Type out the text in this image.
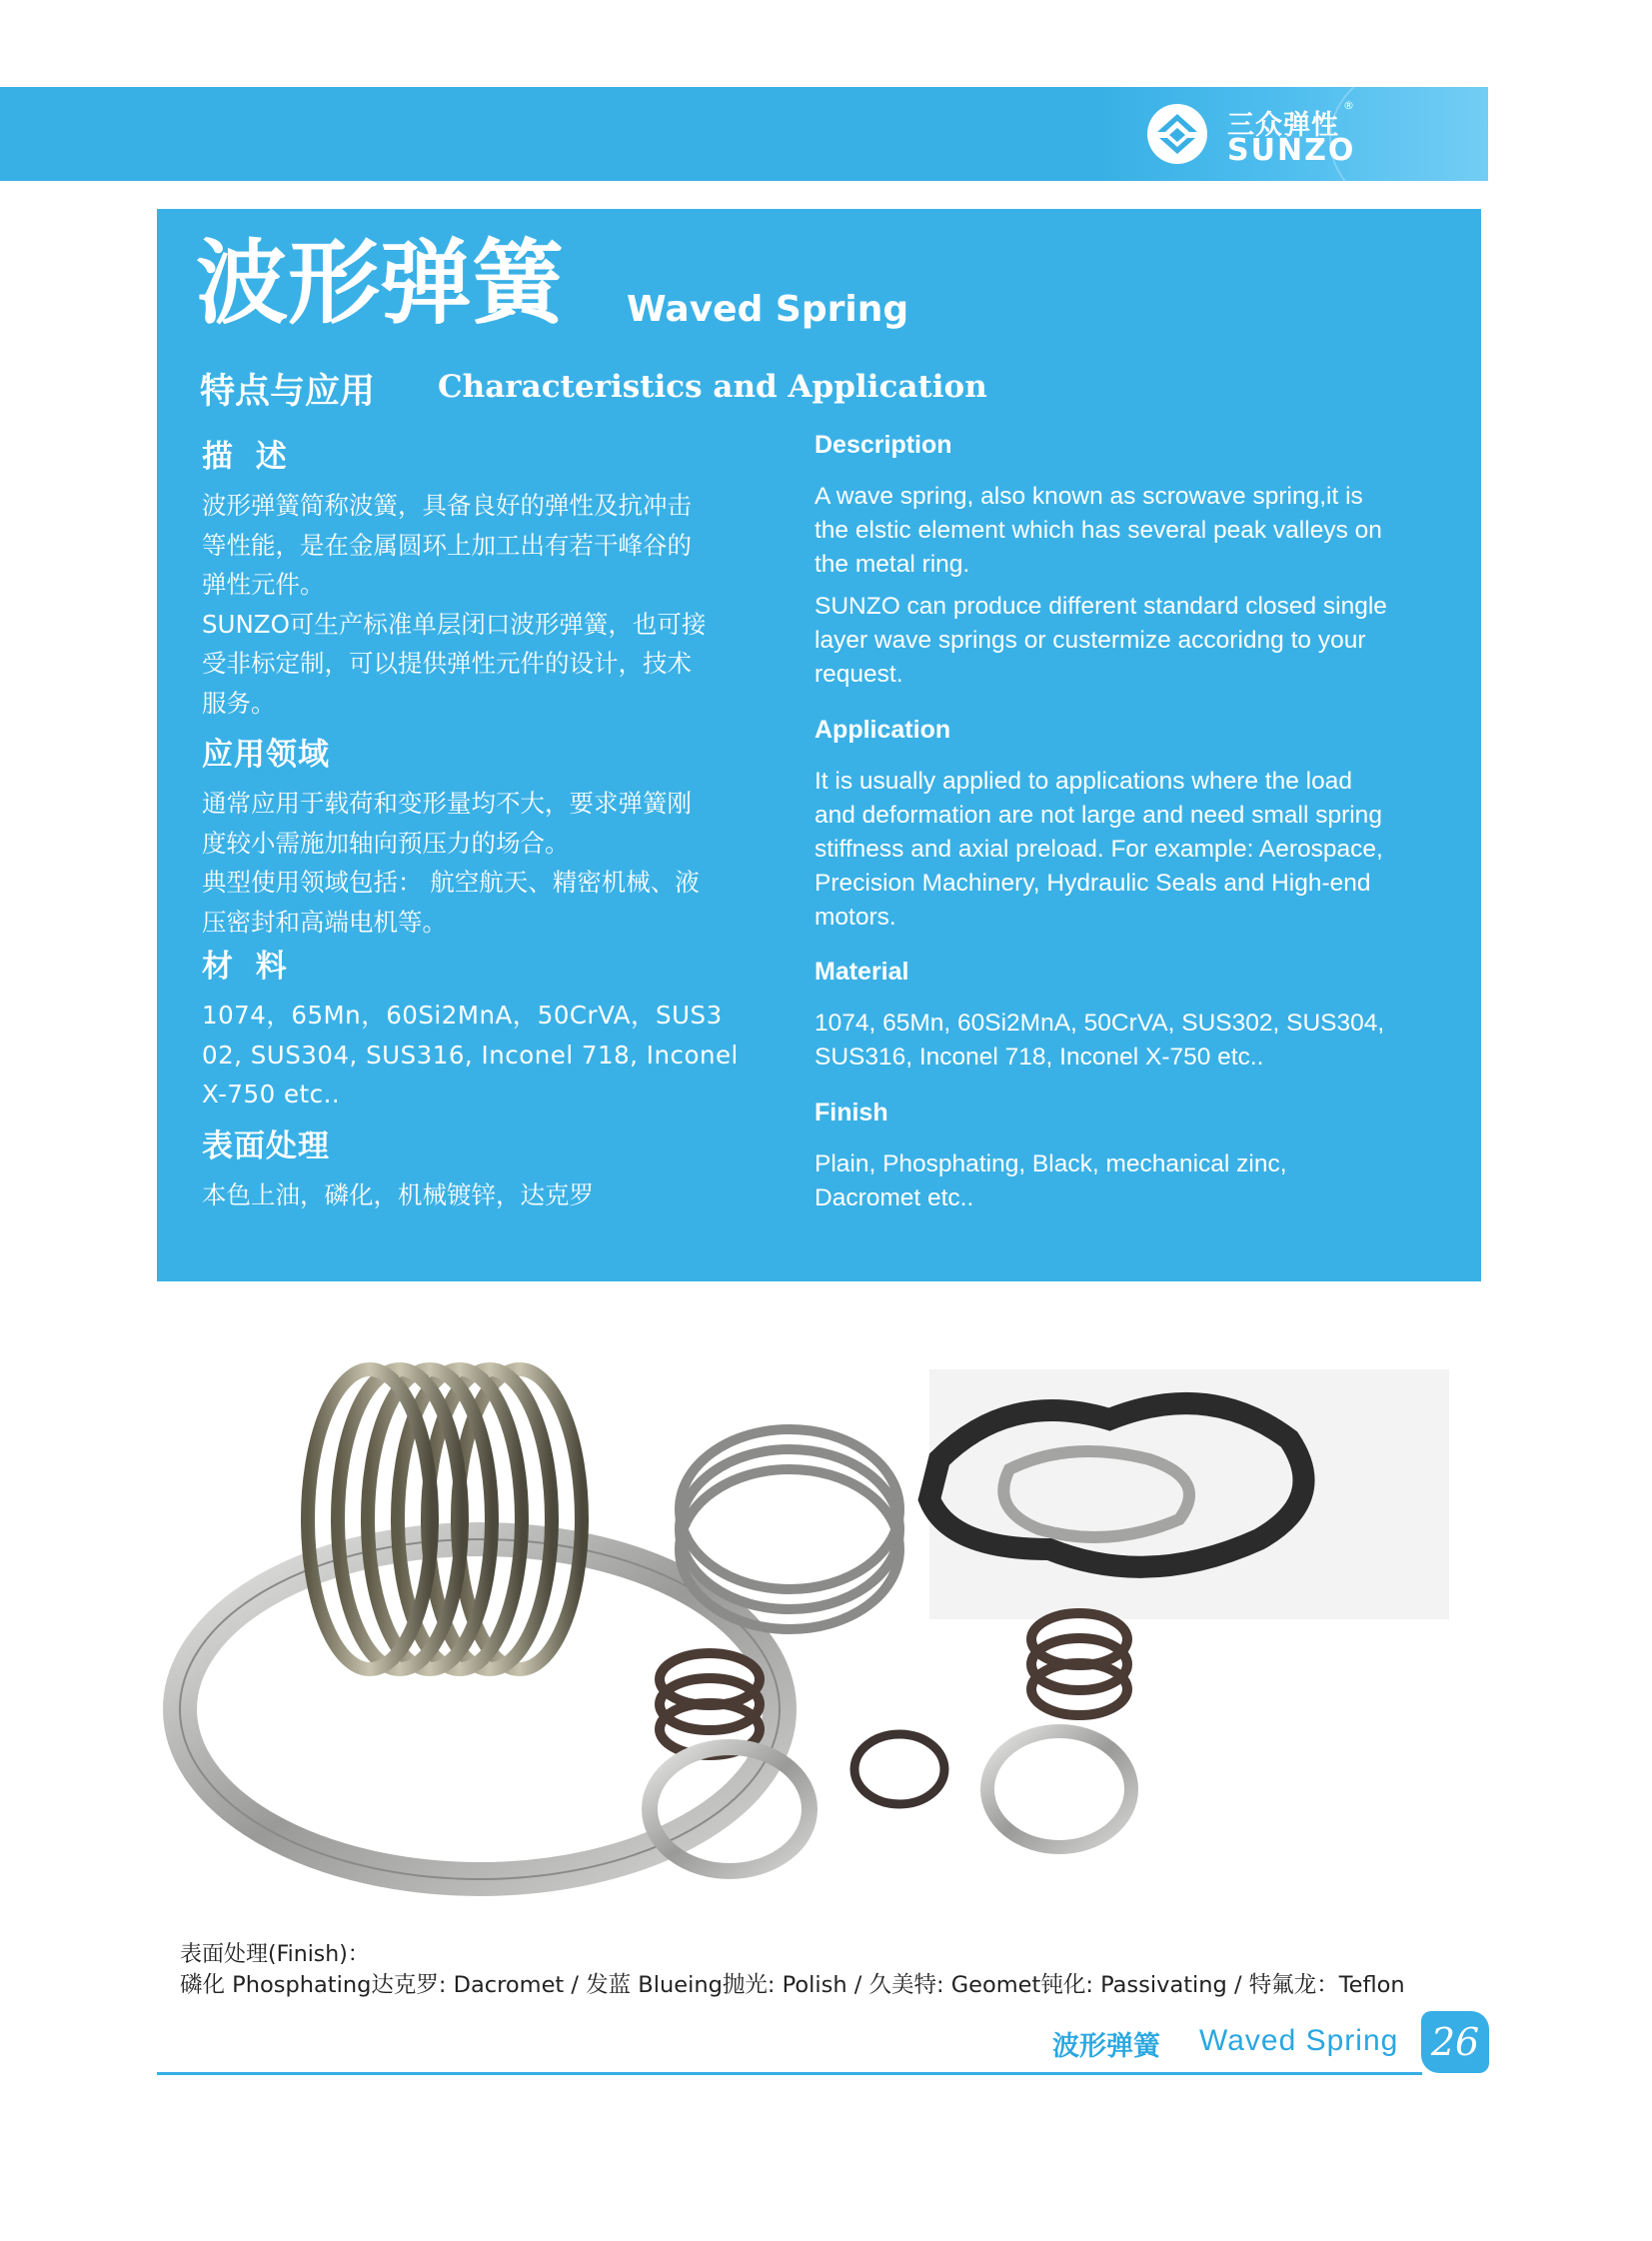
三众弹性
®
SUNZO
波形弹簧 Waved Spring
特点与应用 Characteristics and Application
描 述

波形弹簧简称波簧，具备良好的弹性及抗冲击

等性能，是在金属圆环上加工出有若干峰谷的

弹性元件。

SUNZO可生产标准单层闭口波形弹簧，也可接

受非标定制，可以提供弹性元件的设计，技术

服务。

应用领域

通常应用于载荷和变形量均不大，要求弹簧刚

度较小需施加轴向预压力的场合。

典型使用领域包括： 航空航天、精密机械、液

压密封和高端电机等。

材 料

1074，65Mn，60Si2MnA，50CrVA，SUS3

02, SUS304, SUS316, Inconel 718, Inconel

X-750 etc..

表面处理

本色上油，磷化，机械镀锌，达克罗

Description

A wave spring, also known as scrowave spring,it is

the elstic element which has several peak valleys on

the metal ring.

SUNZO can produce different standard closed single

layer wave springs or custermize accoridng to your

request.

Application

It is usually applied to applications where the load

and deformation are not large and need small spring

stiffness and axial preload. For example: Aerospace,

Precision Machinery, Hydraulic Seals and High-end

motors.

Material

1074, 65Mn, 60Si2MnA, 50CrVA, SUS302, SUS304,

SUS316, Inconel 718, Inconel X-750 etc..

Finish

Plain, Phosphating, Black, mechanical zinc,

Dacromet etc..

表面处理(Finish)：
磷化 Phosphating达克罗: Dacromet / 发蓝 Blueing抛光: Polish / 久美特: Geomet钝化: Passivating / 特氟龙：Teflon
波形弹簧 Waved Spring 26
